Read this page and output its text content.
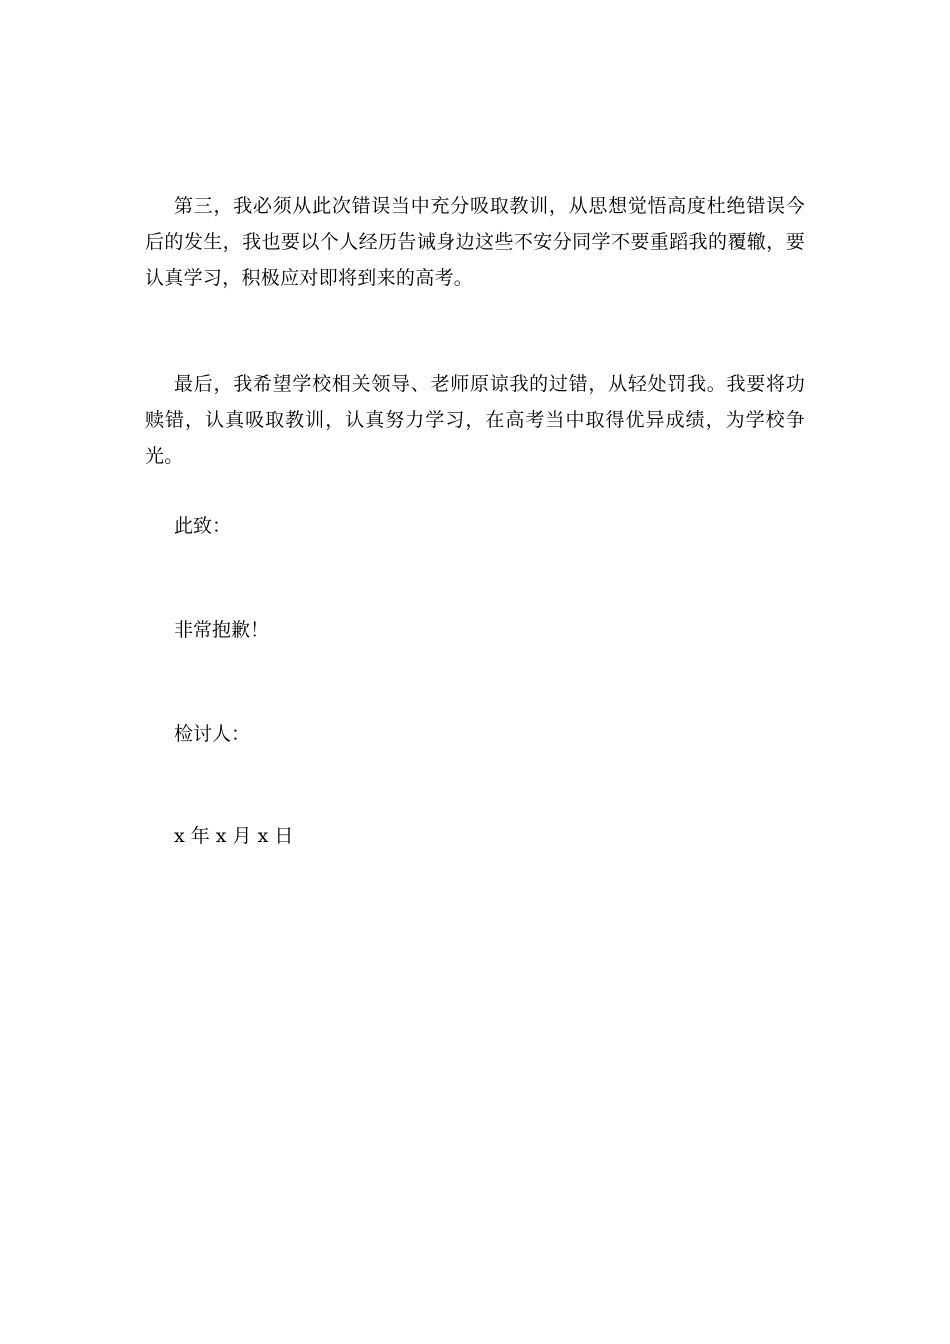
第三，我必须从此次错误当中充分吸取教训，从思想觉悟高度杜绝错误今后的发生，我也要以个人经历告诫身边这些不安分同学不要重蹈我的覆辙，要认真学习，积极应对即将到来的高考。

最后，我希望学校相关领导、老师原谅我的过错，从轻处罚我。我要将功赎错，认真吸取教训，认真努力学习，在高考当中取得优异成绩，为学校争光。

此致：

非常抱歉！

检讨人：

x 年 x 月 x 日
